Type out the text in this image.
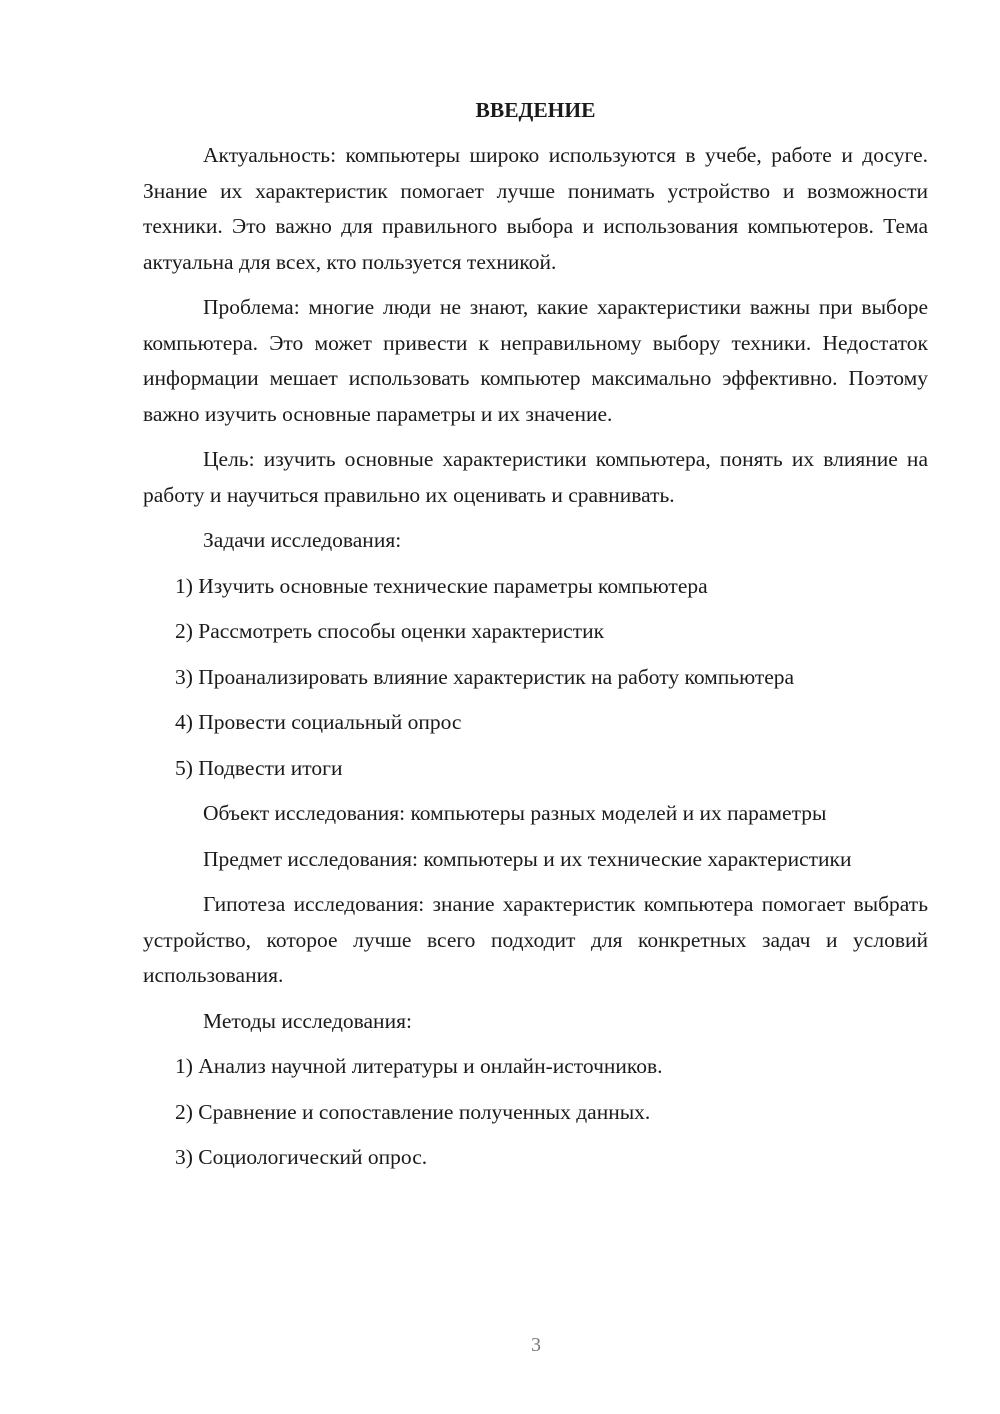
ВВЕДЕНИЕ

Актуальность: компьютеры широко используются в учебе, работе и досуге. Знание их характеристик помогает лучше понимать устройство и возможности техники. Это важно для правильного выбора и использования компьютеров. Тема актуальна для всех, кто пользуется техникой.

Проблема: многие люди не знают, какие характеристики важны при выборе компьютера. Это может привести к неправильному выбору техники. Недостаток информации мешает использовать компьютер максимально эффективно. Поэтому важно изучить основные параметры и их значение.

Цель: изучить основные характеристики компьютера, понять их влияние на работу и научиться правильно их оценивать и сравнивать.

Задачи исследования:

1) Изучить основные технические параметры компьютера
2) Рассмотреть способы оценки характеристик
3) Проанализировать влияние характеристик на работу компьютера
4) Провести социальный опрос
5) Подвести итоги

Объект исследования: компьютеры разных моделей и их параметры

Предмет исследования: компьютеры и их технические характеристики

Гипотеза исследования: знание характеристик компьютера помогает выбрать устройство, которое лучше всего подходит для конкретных задач и условий использования.

Методы исследования:

1) Анализ научной литературы и онлайн-источников.
2) Сравнение и сопоставление полученных данных.
3) Социологический опрос.
3
